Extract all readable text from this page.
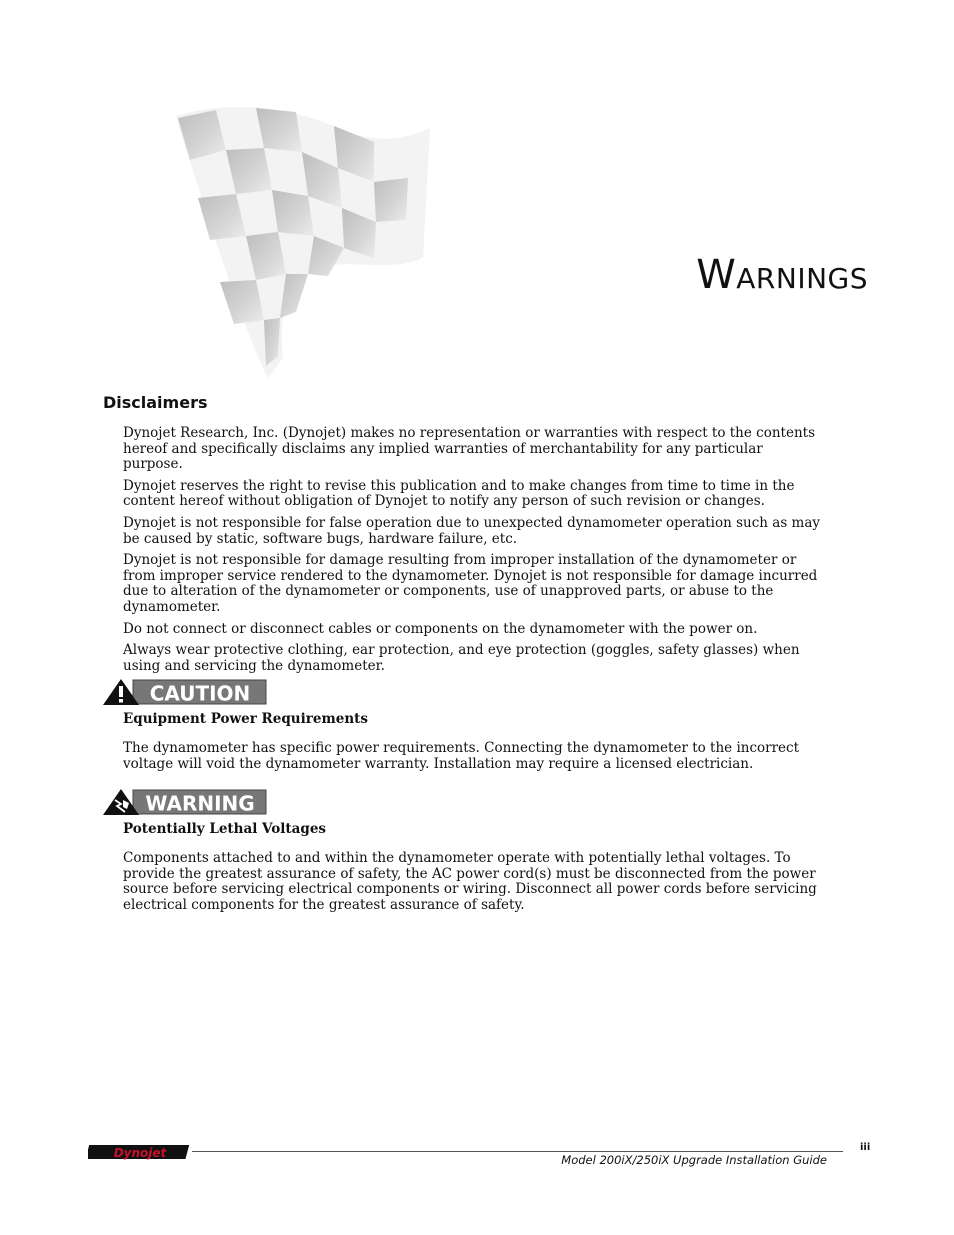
Warnings
Disclaimers

Dynojet Research, Inc. (Dynojet) makes no representation or warranties with respect to the contents hereof and specifically disclaims any implied warranties of merchantability for any particular purpose.

Dynojet reserves the right to revise this publication and to make changes from time to time in the content hereof without obligation of Dynojet to notify any person of such revision or changes.

Dynojet is not responsible for false operation due to unexpected dynamometer operation such as may be caused by static, software bugs, hardware failure, etc.

Dynojet is not responsible for damage resulting from improper installation of the dynamometer or from improper service rendered to the dynamometer. Dynojet is not responsible for damage incurred due to alteration of the dynamometer or components, use of unapproved parts, or abuse to the dynamometer.

Do not connect or disconnect cables or components on the dynamometer with the power on.

Always wear protective clothing, ear protection, and eye protection (goggles, safety glasses) when using and servicing the dynamometer.

CAUTION

Equipment Power Requirements

The dynamometer has specific power requirements. Connecting the dynamometer to the incorrect voltage will void the dynamometer warranty. Installation may require a licensed electrician.

WARNING

Potentially Lethal Voltages

Components attached to and within the dynamometer operate with potentially lethal voltages. To provide the greatest assurance of safety, the AC power cord(s) must be disconnected from the power source before servicing electrical components or wiring. Disconnect all power cords before servicing electrical components for the greatest assurance of safety.

Dynojet	iii
Model 200iX/250iX Upgrade Installation Guide
